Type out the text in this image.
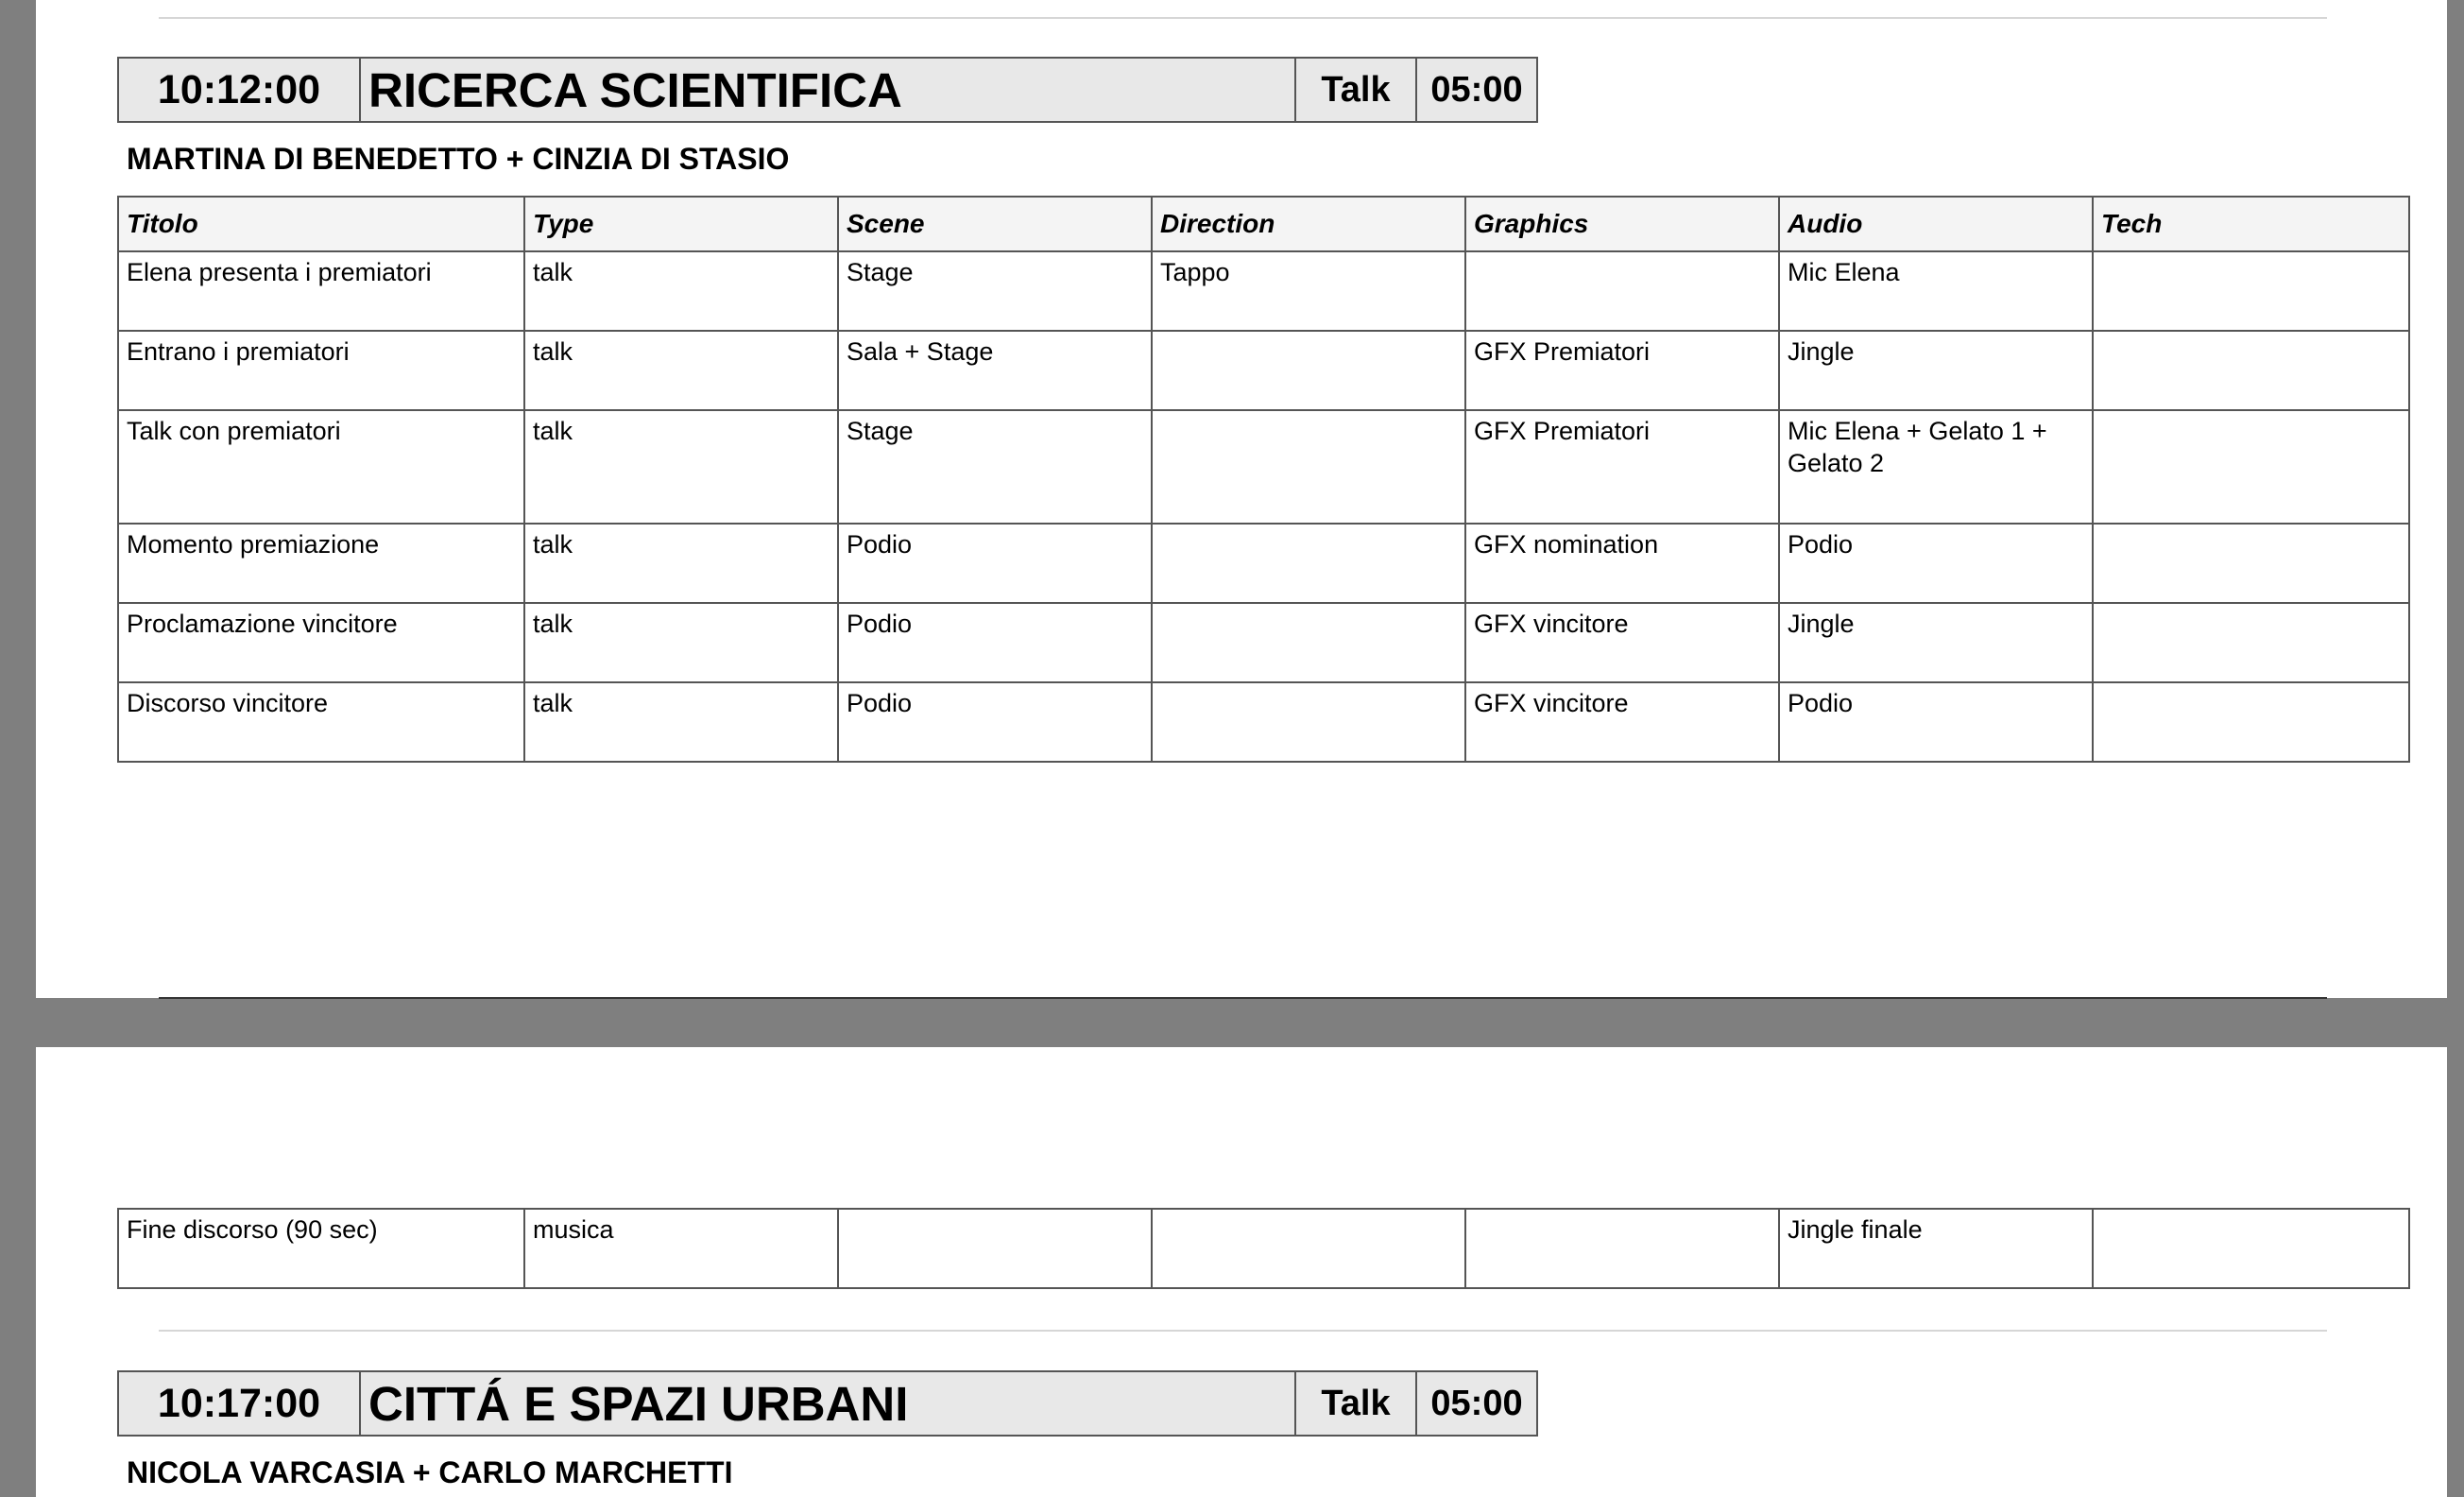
10:12:00 RICERCA SCIENTIFICA	Talk	05:00
MARTINA DI BENEDETTO + CINZIA DI STASIO
Titolo	Type	Scene	Direction	Graphics	Audio	Tech
Elena presenta i premiatori	talk	Stage	Tappo		Mic Elena	
Entrano i premiatori	talk	Sala + Stage		GFX Premiatori	Jingle	
Talk con premiatori	talk	Stage		GFX Premiatori	Mic Elena + Gelato 1 + Gelato 2	
Momento premiazione	talk	Podio		GFX nomination	Podio	
Proclamazione vincitore	talk	Podio		GFX vincitore	Jingle	
Discorso vincitore	talk	Podio		GFX vincitore	Podio	
Fine discorso (90 sec)	musica				Jingle finale	
10:17:00 CITTÁ E SPAZI URBANI	Talk	05:00
NICOLA VARCASIA + CARLO MARCHETTI
